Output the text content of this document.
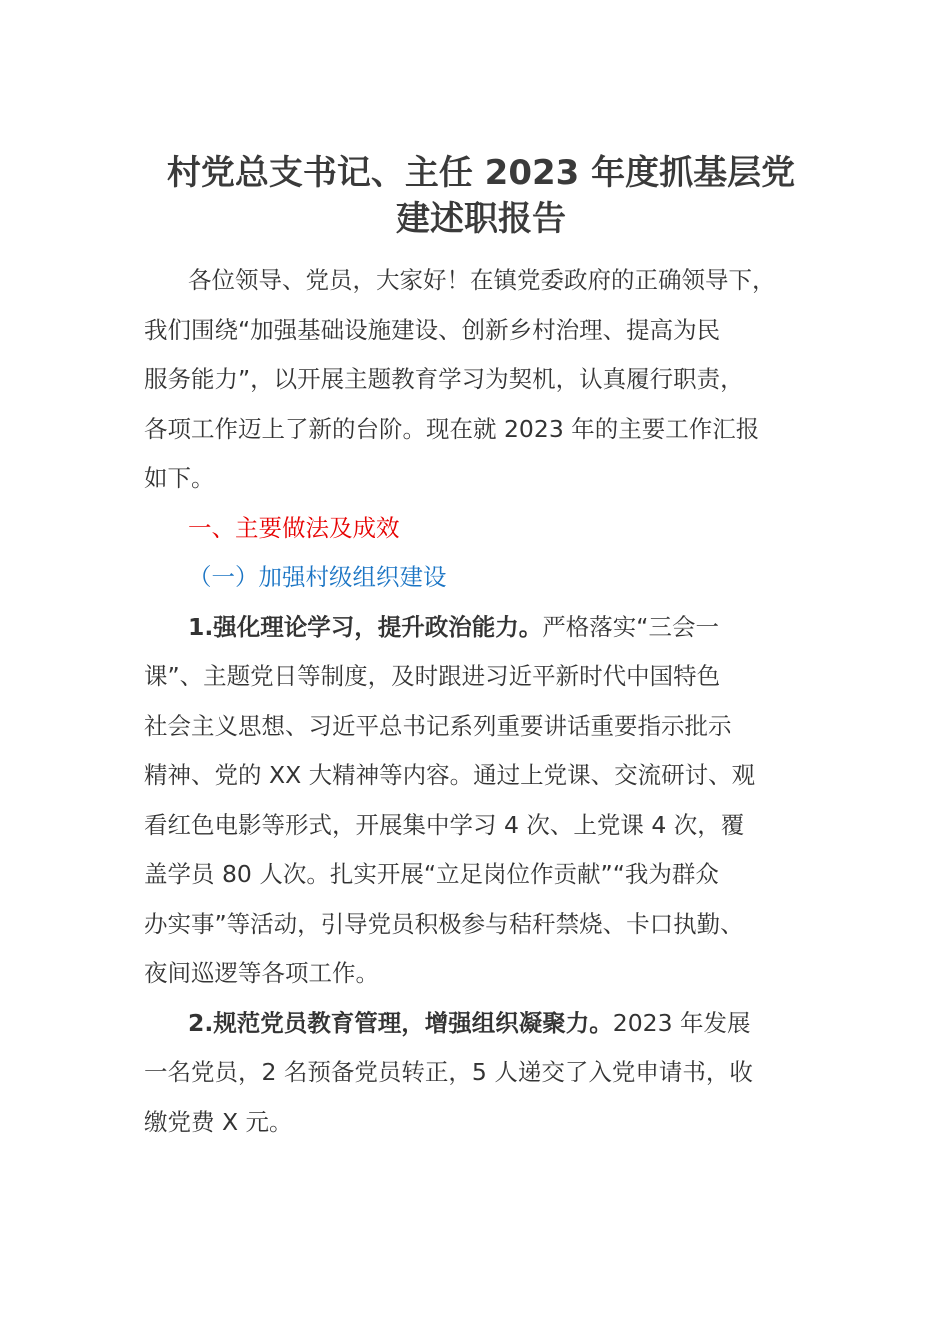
村党总支书记、主任 2023 年度抓基层党
建述职报告
各位领导、党员，大家好！在镇党委政府的正确领导下，
我们围绕“加强基础设施建设、创新乡村治理、提高为民
服务能力”，以开展主题教育学习为契机，认真履行职责，
各项工作迈上了新的台阶。现在就 2023 年的主要工作汇报
如下。

一、主要做法及成效

（一）加强村级组织建设

1.强化理论学习，提升政治能力。严格落实“三会一
课”、主题党日等制度，及时跟进习近平新时代中国特色
社会主义思想、习近平总书记系列重要讲话重要指示批示
精神、党的 XX 大精神等内容。通过上党课、交流研讨、观
看红色电影等形式，开展集中学习 4 次、上党课 4 次，覆
盖学员 80 人次。扎实开展“立足岗位作贡献”“我为群众
办实事”等活动，引导党员积极参与秸秆禁烧、卡口执勤、
夜间巡逻等各项工作。
2.规范党员教育管理，增强组织凝聚力。2023 年发展
一名党员，2 名预备党员转正，5 人递交了入党申请书，收
缴党费 X 元。
